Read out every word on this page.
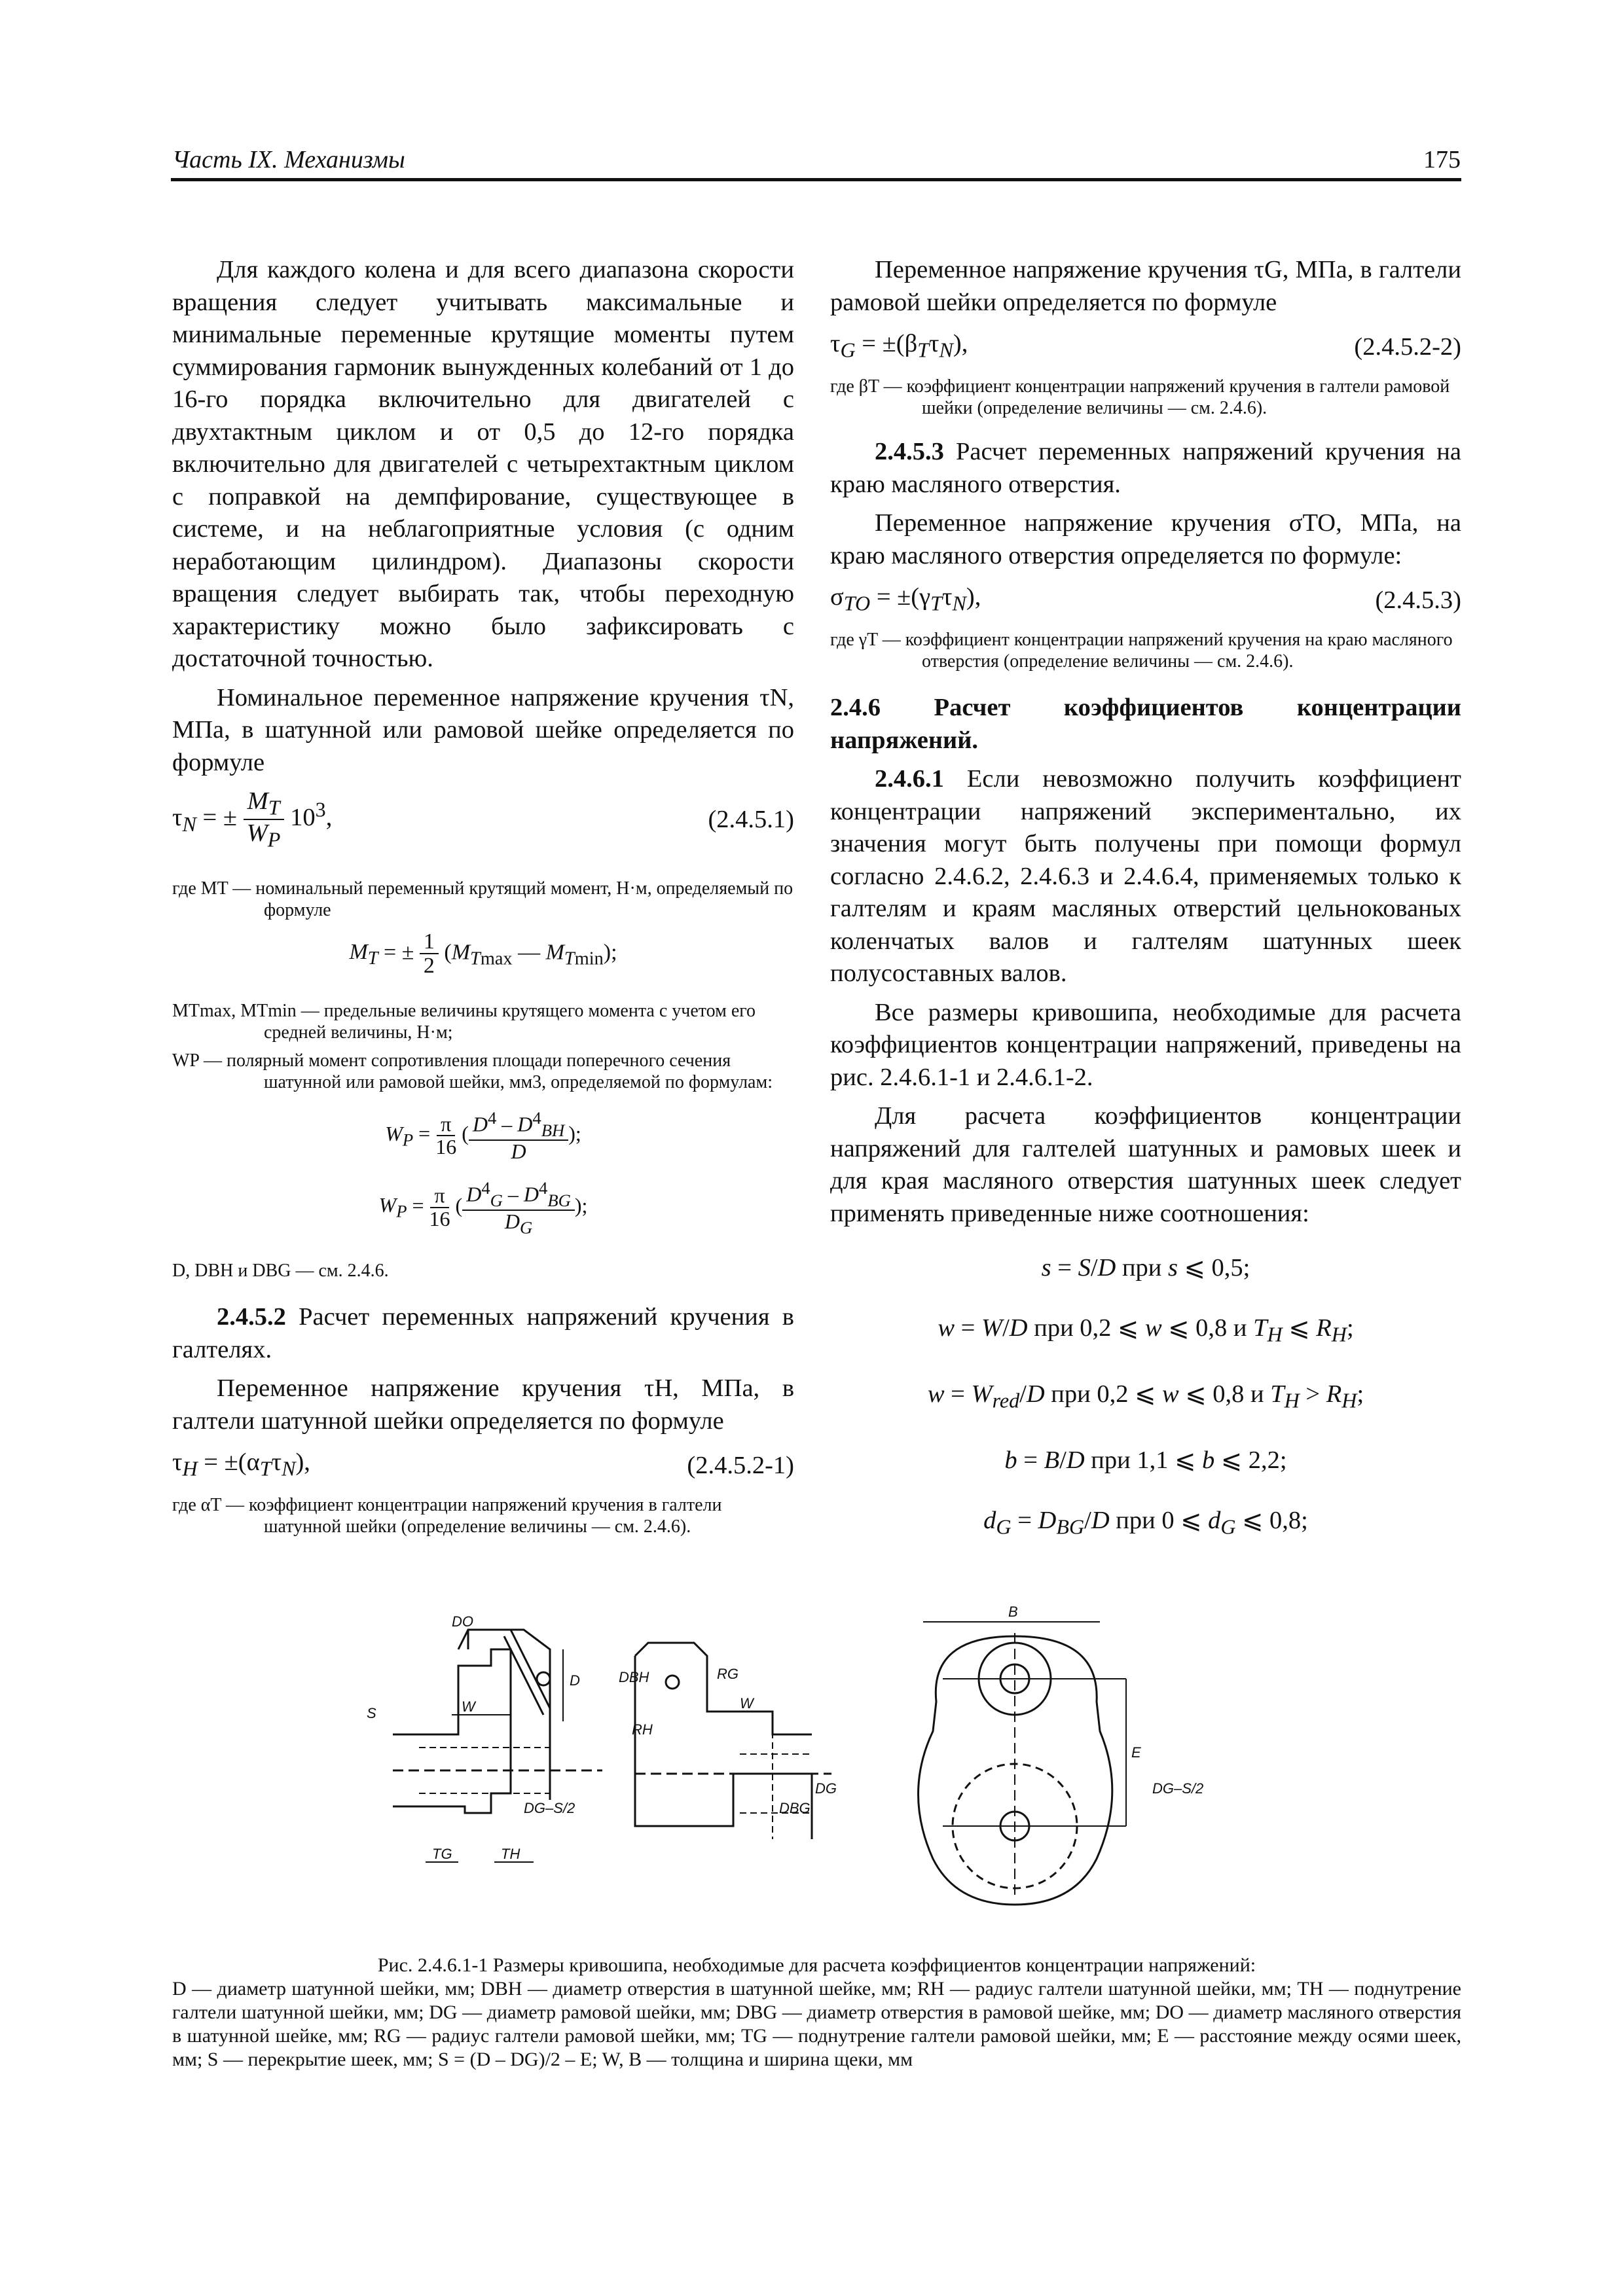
Часть IX. Механизмы	175

Для каждого колена и для всего диапазона скорости вращения следует учитывать максимальные и минимальные переменные крутящие моменты путем суммирования гармоник вынужденных колебаний от 1 до 16-го порядка включительно для двигателей с двухтактным циклом и от 0,5 до 12-го порядка включительно для двигателей с четырехтактным циклом с поправкой на демпфирование, существующее в системе, и на неблагоприятные условия (с одним неработающим цилиндром). Диапазоны скорости вращения следует выбирать так, чтобы переходную характеристику можно было зафиксировать с достаточной точностью.

Номинальное переменное напряжение кручения τN, МПа, в шатунной или рамовой шейке определяется по формуле

$\tau_N$ = ± $\frac{M_T}{W_P} 10^3$,	(2.4.5.1)

где MT — номинальный переменный крутящий момент, Н·м, определяемый по формуле

$M_T$ = ± $\frac{1}{2} (M_{Tmax}$ — $M_{Tmin}$);

MTmax, MTmin — предельные величины крутящего момента с учетом его средней величины, Н·м;

WP — полярный момент сопротивления площади поперечного сечения шатунной или рамовой шейки, мм3, определяемой по формулам:

$W_P = \frac{\pi}{16}$ ( $\frac{D^4 - D^4_{BH}}{D}$ );
$W_P = \frac{\pi}{16}$ ( $\frac{D^4_G - D^4_{BG}}{D_G}$ );

D, DBH и DBG — см. 2.4.6.

2.4.5.2 Расчет переменных напряжений кручения в галтелях.

Переменное напряжение кручения τH, МПа, в галтели шатунной шейки определяется по формуле

$\tau_H = \pm(\alpha_T\tau_N)$,	(2.4.5.2-1)

где αT — коэффициент концентрации напряжений кручения в галтели шатунной шейки (определение величины — см. 2.4.6).

Переменное напряжение кручения τG, МПа, в галтели рамовой шейки определяется по формуле

$\tau_G = \pm(\beta_T\tau_N)$,	(2.4.5.2-2)

где βT — коэффициент концентрации напряжений кручения в галтели рамовой шейки (определение величины — см. 2.4.6).

2.4.5.3 Расчет переменных напряжений кручения на краю масляного отверстия.

Переменное напряжение кручения σTO, МПа, на краю масляного отверстия определяется по формуле:

$\sigma_{TO} = \pm(\gamma_T\tau_N)$,	(2.4.5.3)

где γT — коэффициент концентрации напряжений кручения на краю масляного отверстия (определение величины — см. 2.4.6).

2.4.6 Расчет коэффициентов концентрации напряжений.

2.4.6.1 Если невозможно получить коэффициент концентрации напряжений экспериментально, их значения могут быть получены при помощи формул согласно 2.4.6.2, 2.4.6.3 и 2.4.6.4, применяемых только к галтелям и краям масляных отверстий цельнокованых коленчатых валов и галтелям шатунных шеек полусоставных валов.

Все размеры кривошипа, необходимые для расчета коэффициентов концентрации напряжений, приведены на рис. 2.4.6.1-1 и 2.4.6.1-2.

Для расчета коэффициентов концентрации напряжений для галтелей шатунных и рамовых шеек и для края масляного отверстия шатунных шеек следует применять приведенные ниже соотношения:

s = S/D при s ⩽ 0,5;
w = W/D при 0,2 ⩽ w ⩽ 0,8 и $T_H$ ⩽ $R_H$;
$w = W_{red}/D$ при 0,2 ⩽ w ⩽ 0,8 и $T_H > R_H$;
b = B/D при 1,1 ⩽ b ⩽ 2,2;
$d_G = D_{BG}/D$ при 0 ⩽ $d_G$ ⩽ 0,8;
DO
S	W
D
TG	TH
DG–S/2
DBH
W
RG
RH
DG
DBG
B
E
DG–S/2
Рис. 2.4.6.1-1 Размеры кривошипа, необходимые для расчета коэффициентов концентрации напряжений:
D — диаметр шатунной шейки, мм; DBH — диаметр отверстия в шатунной шейке, мм; RH — радиус галтели шатунной шейки, мм; TH — поднутрение галтели шатунной шейки, мм; DG — диаметр рамовой шейки, мм; DBG — диаметр отверстия в рамовой шейке, мм; DO — диаметр масляного отверстия в шатунной шейке, мм; RG — радиус галтели рамовой шейки, мм; TG — поднутрение галтели рамовой шейки, мм; E — расстояние между осями шеек, мм; S — перекрытие шеек, мм; S = (D – DG)/2 – E; W, B — толщина и ширина щеки, мм
